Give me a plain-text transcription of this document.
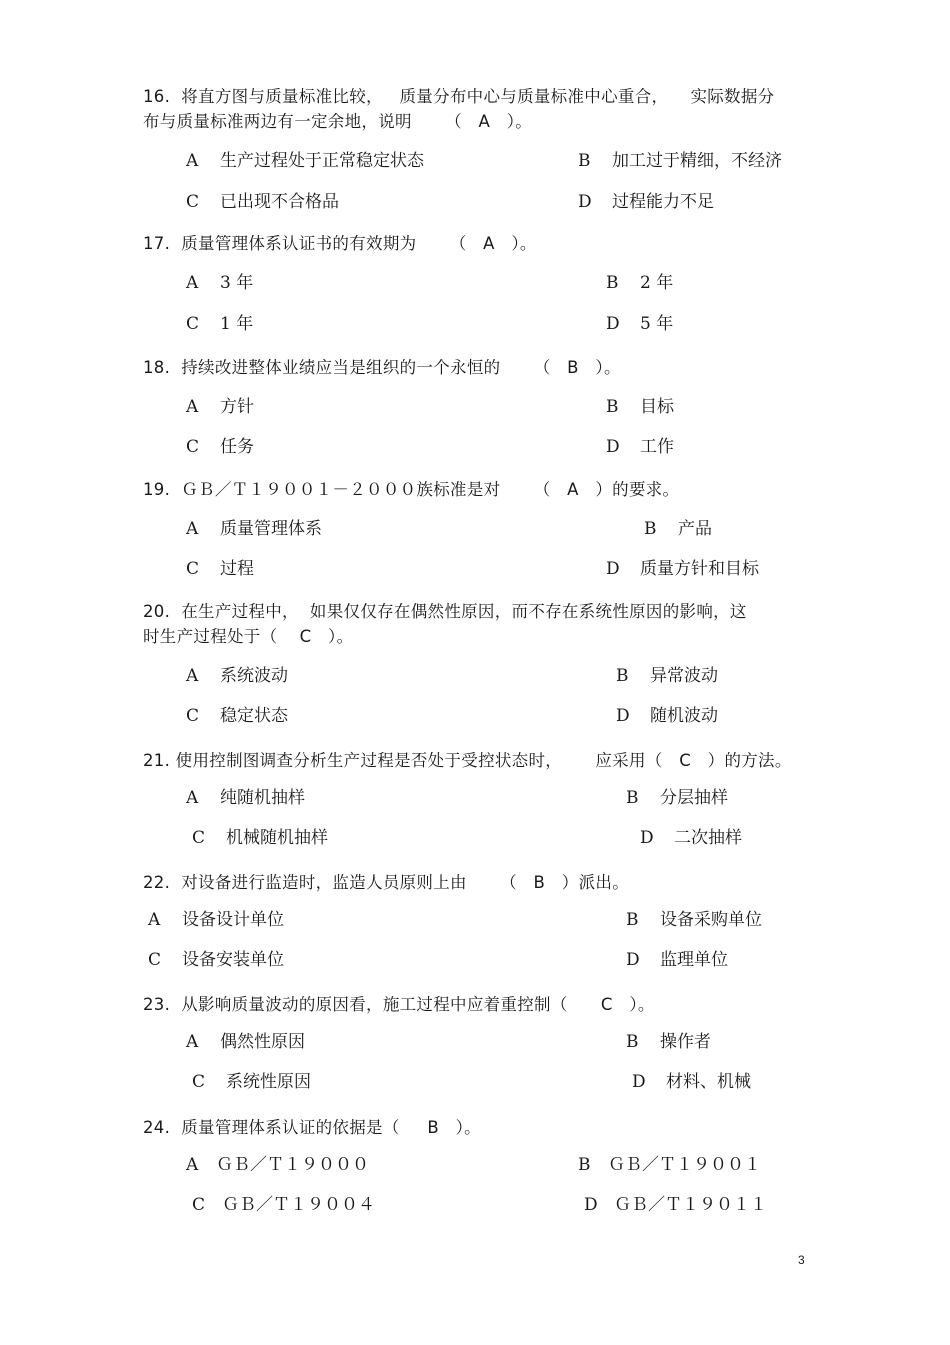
16.  将直方图与质量标准比较，   质量分布中心与质量标准中心重合，    实际数据分
布与质量标准两边有一定余地，说明      （   A   ）。
A 生产过程处于正常稳定状态	B 加工过于精细，不经济
C 已出现不合格品	D 过程能力不足
17.  质量管理体系认证书的有效期为      （   A   ）。
A 3 年	B 2 年
C 1 年	D 5 年
18.  持续改进整体业绩应当是组织的一个永恒的      （   B   ）。
A 方针	B 目标
C 任务	D 工作
19.  ＧＢ／Ｔ１９００１－２０００族标准是对      （   A   ）的要求。
A 质量管理体系	B 产品
C 过程	D 质量方针和目标
20.  在生产过程中，  如果仅仅存在偶然性原因，而不存在系统性原因的影响，这
时生产过程处于（    C   ）。
A 系统波动	B 异常波动
C 稳定状态	D 随机波动
21. 使用控制图调查分析生产过程是否处于受控状态时，      应采用（   C   ）的方法。
A 纯随机抽样	B 分层抽样
C 机械随机抽样	D 二次抽样
22.  对设备进行监造时，监造人员原则上由      （   B   ）派出。
A 设备设计单位	B 设备采购单位
C 设备安装单位	D 监理单位
23.  从影响质量波动的原因看，施工过程中应着重控制（      C   ）。
A 偶然性原因	B 操作者
C 系统性原因	D 材料、机械
24.  质量管理体系认证的依据是（     B   ）。
A ＧＢ／Ｔ１９０００	B ＧＢ／Ｔ１９００１
C ＧＢ／Ｔ１９００４	D ＧＢ／Ｔ１９０１１
3
